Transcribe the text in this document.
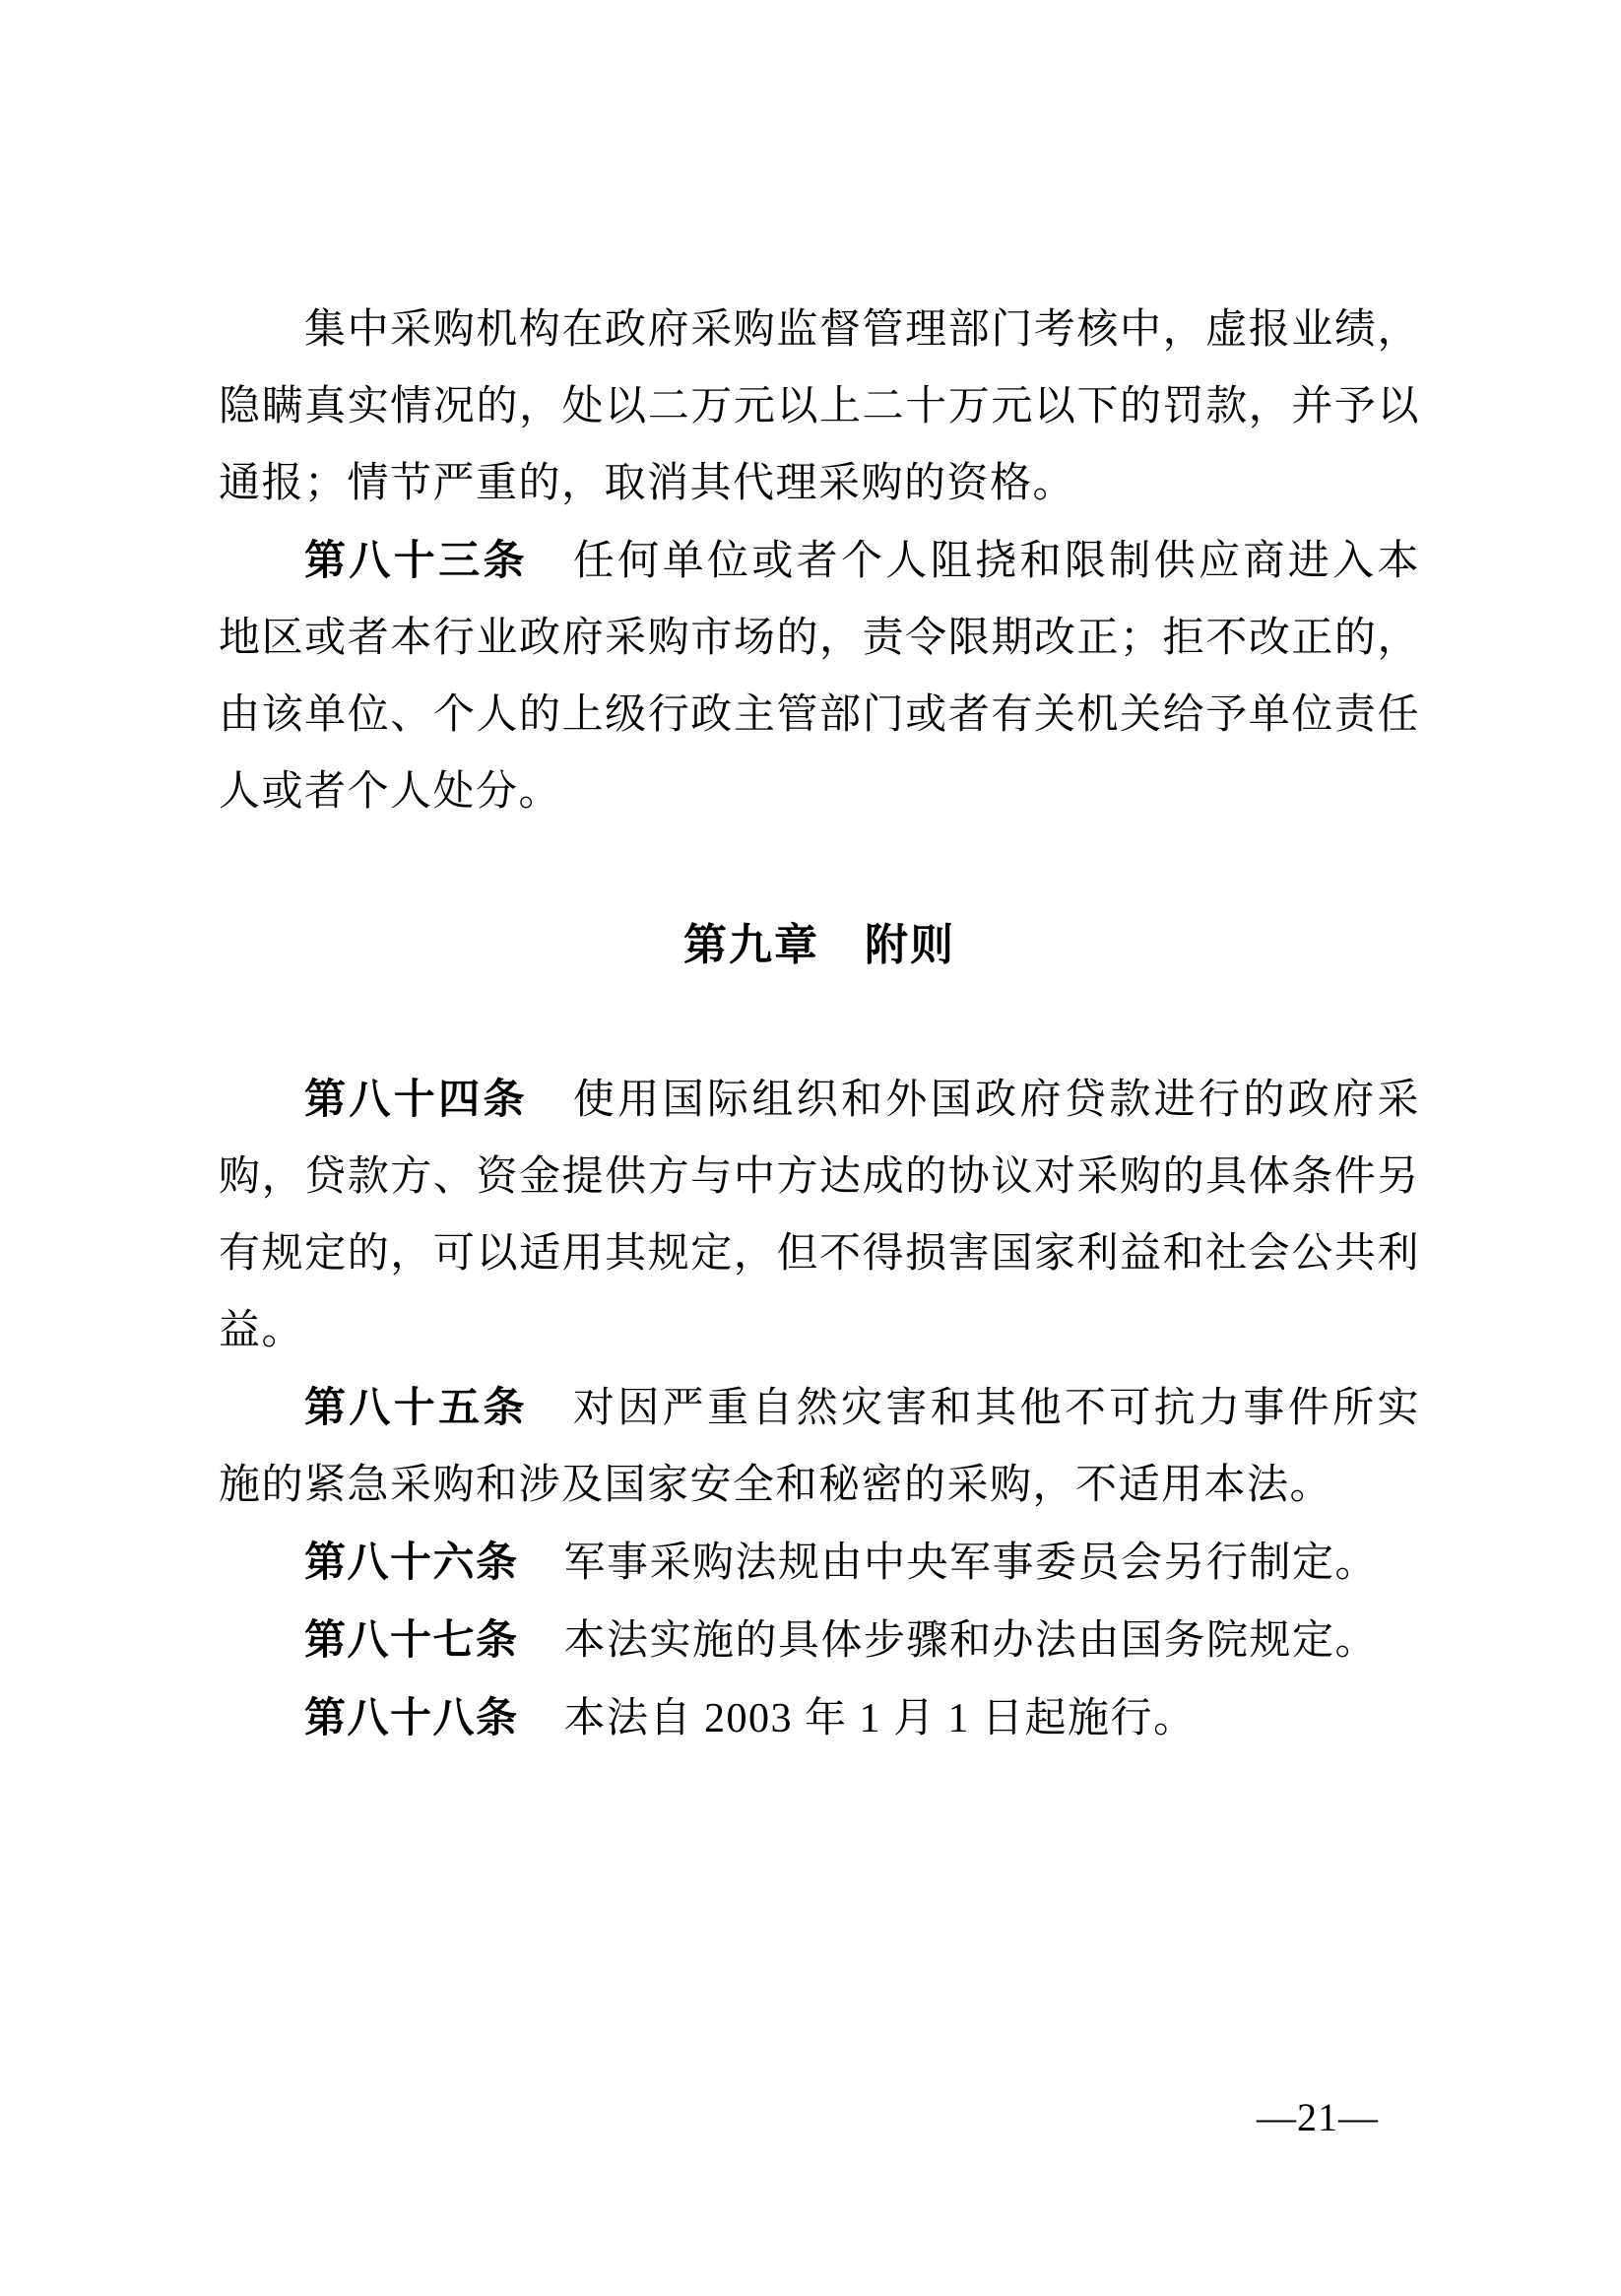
集中采购机构在政府采购监督管理部门考核中，虚报业绩，
隐瞒真实情况的，处以二万元以上二十万元以下的罚款，并予以
通报；情节严重的，取消其代理采购的资格。
第八十三条 任何单位或者个人阻挠和限制供应商进入本
地区或者本行业政府采购市场的，责令限期改正；拒不改正的，
由该单位、个人的上级行政主管部门或者有关机关给予单位责任
人或者个人处分。
第九章　附则
第八十四条 使用国际组织和外国政府贷款进行的政府采
购，贷款方、资金提供方与中方达成的协议对采购的具体条件另
有规定的，可以适用其规定，但不得损害国家利益和社会公共利
益。
第八十五条 对因严重自然灾害和其他不可抗力事件所实
施的紧急采购和涉及国家安全和秘密的采购，不适用本法。
第八十六条 军事采购法规由中央军事委员会另行制定。
第八十七条 本法实施的具体步骤和办法由国务院规定。
第八十八条 本法自 2003 年 1 月 1 日起施行。
—21—
